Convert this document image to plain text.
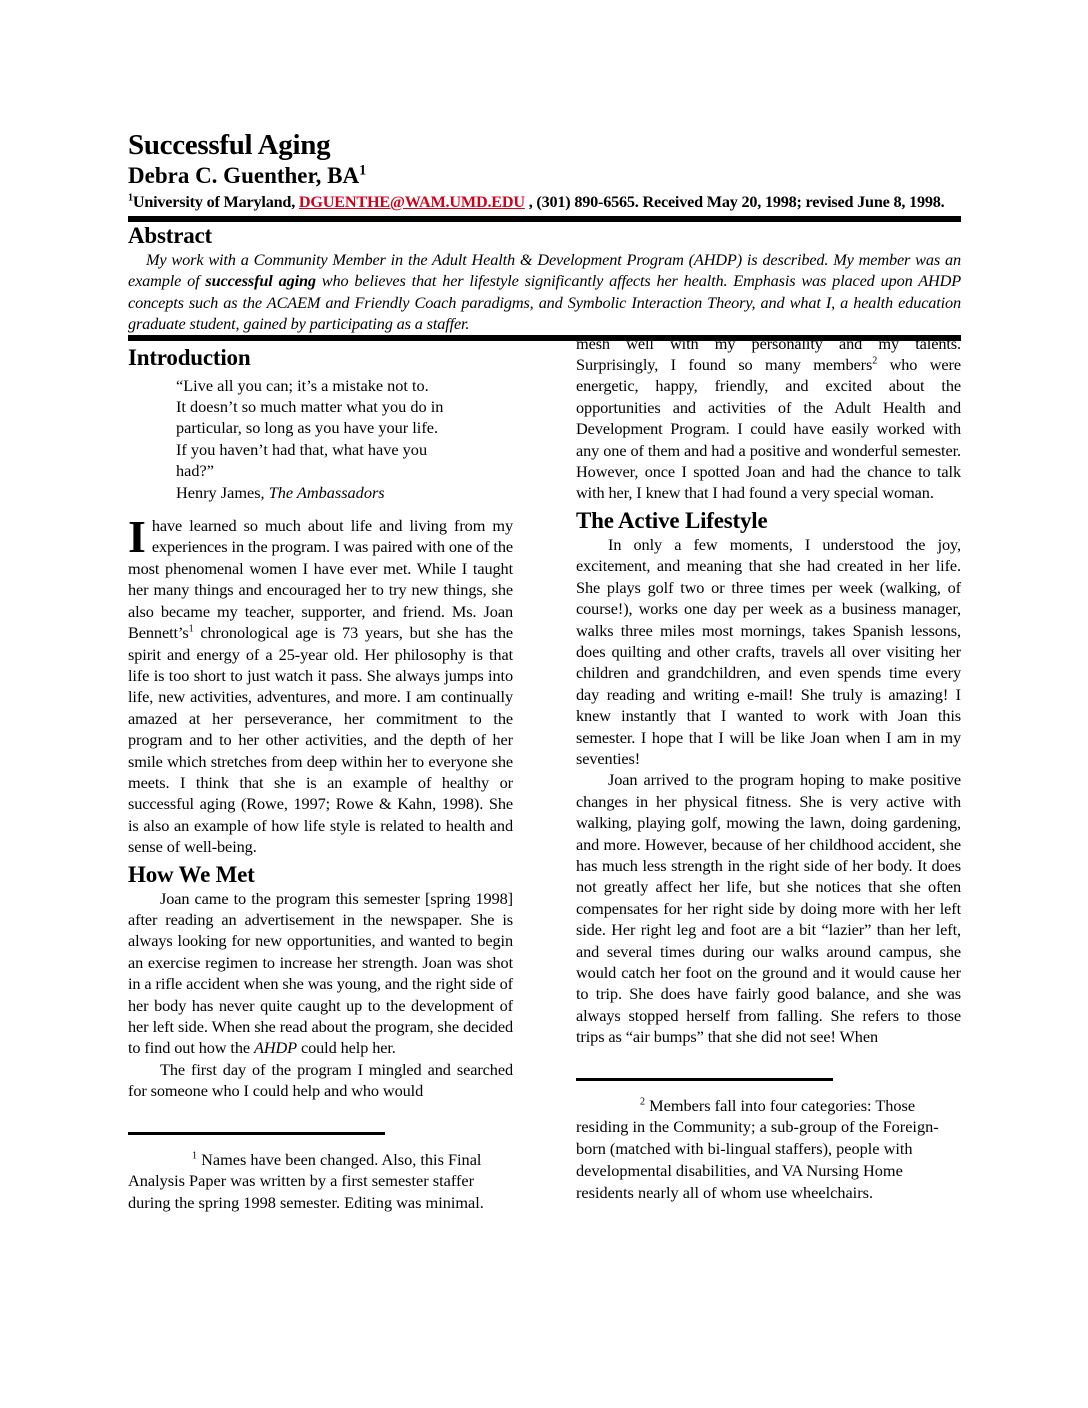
Successful Aging

Debra C. Guenther, $BA^1$

$^1$University of Maryland, DGUENTHE@WAM.UMD.EDU , (301) 890-6565. Received May 20, 1998; revised June 8, 1998.

Abstract

My work with a Community Member in the Adult Health & Development Program (AHDP) is described. My member was an example of successful aging who believes that her lifestyle significantly affects her health. Emphasis was placed upon AHDP concepts such as the ACAEM and Friendly Coach paradigms, and Symbolic Interaction Theory, and what I, a health education graduate student, gained by participating as a staffer.

Introduction

“Live all you can; it’s a mistake not to.

It doesn’t so much matter what you do in

particular, so long as you have your life.

If you haven’t had that, what have you

had?”

Henry James, The Ambassadors

I have learned so much about life and living from my experiences in the program. I was paired with one of the most phenomenal women I have ever met. While I taught her many things and encouraged her to try new things, she also became my teacher, supporter, and friend. Ms. Joan $Bennett’s^1$ chronological age is 73 years, but she has the spirit and energy of a 25-year old. Her philosophy is that life is too short to just watch it pass. She always jumps into life, new activities, adventures, and more. I am continually amazed at her perseverance, her commitment to the program and to her other activities, and the depth of her smile which stretches from deep within her to everyone she meets. I think that she is an example of healthy or successful aging (Rowe, 1997; Rowe & Kahn, 1998). She is also an example of how life style is related to health and sense of well-being.

How We Met

Joan came to the program this semester [spring 1998] after reading an advertisement in the newspaper. She is always looking for new opportunities, and wanted to begin an exercise regimen to increase her strength. Joan was shot in a rifle accident when she was young, and the right side of her body has never quite caught up to the development of her left side. When she read about the program, she decided to find out how the AHDP could help her.

The first day of the program I mingled and searched for someone who I could help and who would

$^1$ Names have been changed. Also, this Final Analysis Paper was written by a first semester staffer during the spring 1998 semester. Editing was minimal.

mesh well with my personality and my talents. Surprisingly, I found so many members$^2$ who were energetic, happy, friendly, and excited about the opportunities and activities of the Adult Health and Development Program. I could have easily worked with any one of them and had a positive and wonderful semester. However, once I spotted Joan and had the chance to talk with her, I knew that I had found a very special woman.

The Active Lifestyle

In only a few moments, I understood the joy, excitement, and meaning that she had created in her life. She plays golf two or three times per week (walking, of course!), works one day per week as a business manager, walks three miles most mornings, takes Spanish lessons, does quilting and other crafts, travels all over visiting her children and grandchildren, and even spends time every day reading and writing e-mail! She truly is amazing! I knew instantly that I wanted to work with Joan this semester. I hope that I will be like Joan when I am in my seventies!

Joan arrived to the program hoping to make positive changes in her physical fitness. She is very active with walking, playing golf, mowing the lawn, doing gardening, and more. However, because of her childhood accident, she has much less strength in the right side of her body. It does not greatly affect her life, but she notices that she often compensates for her right side by doing more with her left side. Her right leg and foot are a bit “lazier” than her left, and several times during our walks around campus, she would catch her foot on the ground and it would cause her to trip. She does have fairly good balance, and she was always stopped herself from falling. She refers to those trips as “air bumps” that she did not see! When

$^2$ Members fall into four categories: Those residing in the Community; a sub-group of the Foreign-born (matched with bi-lingual staffers), people with developmental disabilities, and VA Nursing Home residents nearly all of whom use wheelchairs.
